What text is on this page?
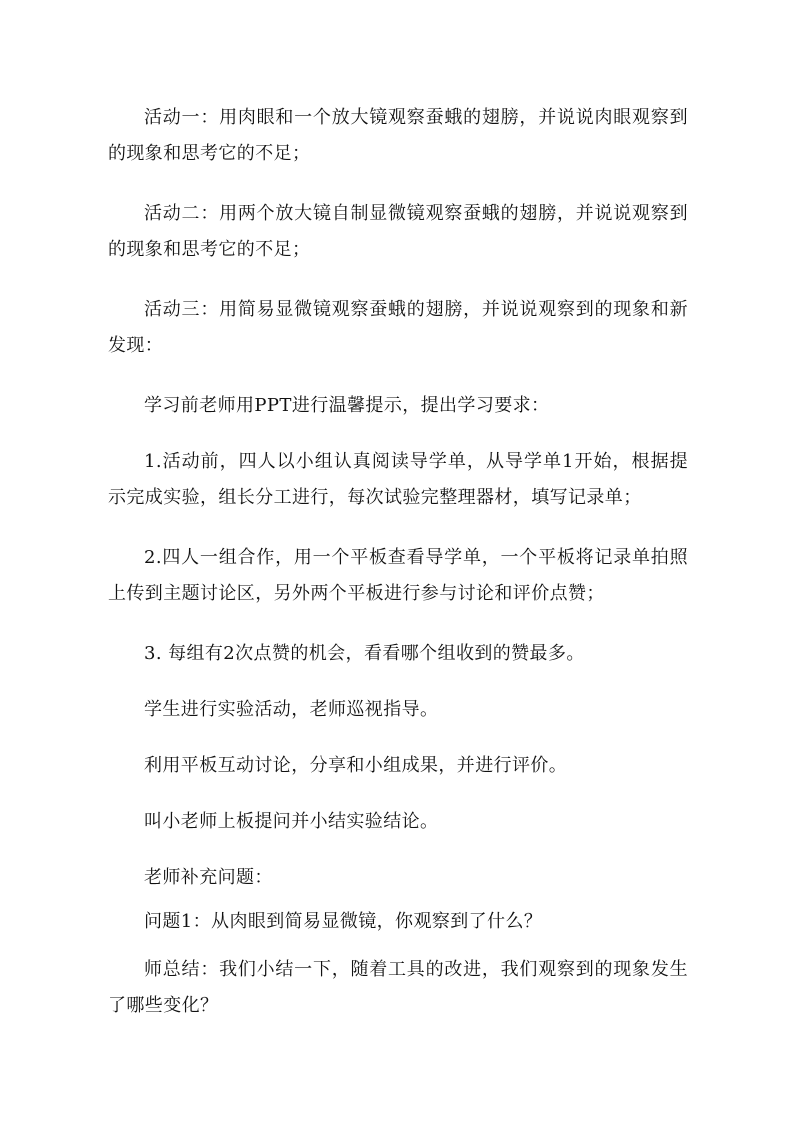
活动一：用肉眼和一个放大镜观察蚕蛾的翅膀，并说说肉眼观察到的现象和思考它的不足；

活动二：用两个放大镜自制显微镜观察蚕蛾的翅膀，并说说观察到的现象和思考它的不足；

活动三：用简易显微镜观察蚕蛾的翅膀，并说说观察到的现象和新发现：

学习前老师用PPT进行温馨提示，提出学习要求：

1.活动前，四人以小组认真阅读导学单，从导学单1开始，根据提示完成实验，组长分工进行，每次试验完整理器材，填写记录单；

2.四人一组合作，用一个平板查看导学单，一个平板将记录单拍照上传到主题讨论区，另外两个平板进行参与讨论和评价点赞；

3. 每组有2次点赞的机会，看看哪个组收到的赞最多。

学生进行实验活动，老师巡视指导。

利用平板互动讨论，分享和小组成果，并进行评价。

叫小老师上板提问并小结实验结论。

老师补充问题：

问题1：从肉眼到简易显微镜，你观察到了什么？

师总结：我们小结一下，随着工具的改进，我们观察到的现象发生了哪些变化？
